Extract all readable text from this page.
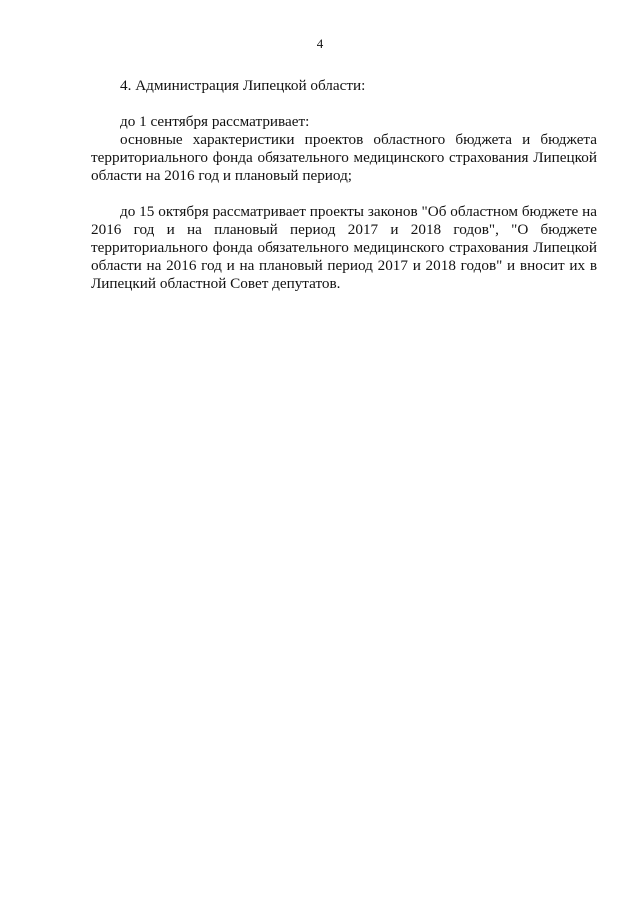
4

4. Администрация Липецкой области:

до 1 сентября рассматривает:

основные характеристики проектов областного бюджета и бюджета территориального фонда обязательного медицинского страхования Липецкой области на 2016 год и плановый период;

до 15 октября рассматривает проекты законов "Об областном бюджете на 2016 год и на плановый период 2017 и 2018 годов", "О бюджете территориального фонда обязательного медицинского страхования Липецкой области на 2016 год и на плановый период 2017 и 2018 годов" и вносит их в Липецкий областной Совет депутатов.
